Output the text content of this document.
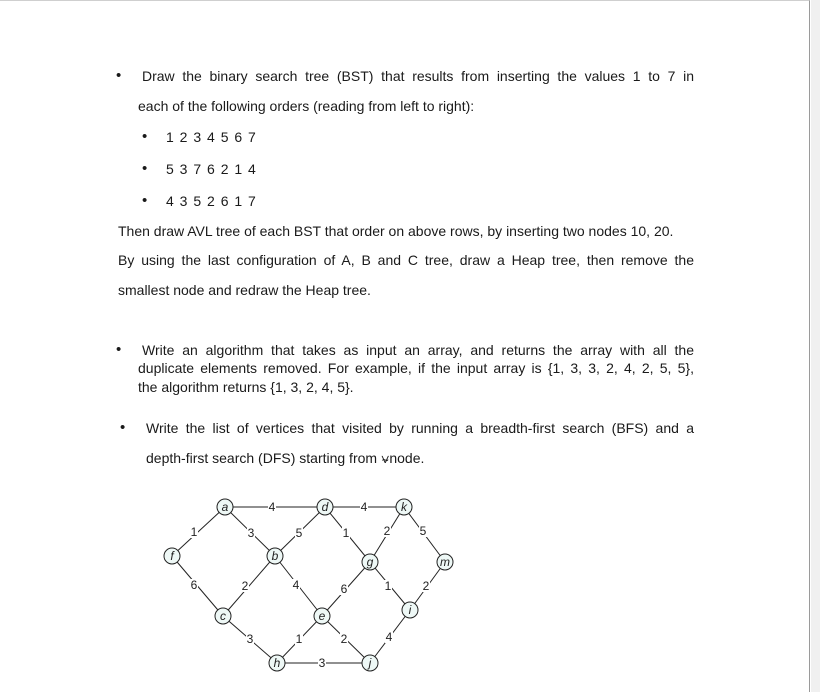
• Draw the binary search tree (BST) that results from inserting the values 1 to 7 in
each of the following orders (reading from left to right):
• 1 2 3 4 5 6 7
• 5 3 7 6 2 1 4
• 4 3 5 2 6 1 7
Then draw AVL tree of each BST that order on above rows, by inserting two nodes 10, 20.
By using the last configuration of A, B and C tree, draw a Heap tree, then remove the
smallest node and redraw the Heap tree.
• Write an algorithm that takes as input an array, and returns the array with all the
duplicate elements removed. For example, if the input array is {1, 3, 3, 2, 4, 2, 5, 5},
the algorithm returns {1, 3, 2, 4, 5}.
• Write the list of vertices that visited by running a breadth-first search (BFS) and a
depth-first search (DFS) starting from ⍱node.
4	4
1	3	5	1	2 5
6	2	4	6	1	2
3	1	2	4
3
a
b
c
d
e
f	g
h
i
j
k
m
